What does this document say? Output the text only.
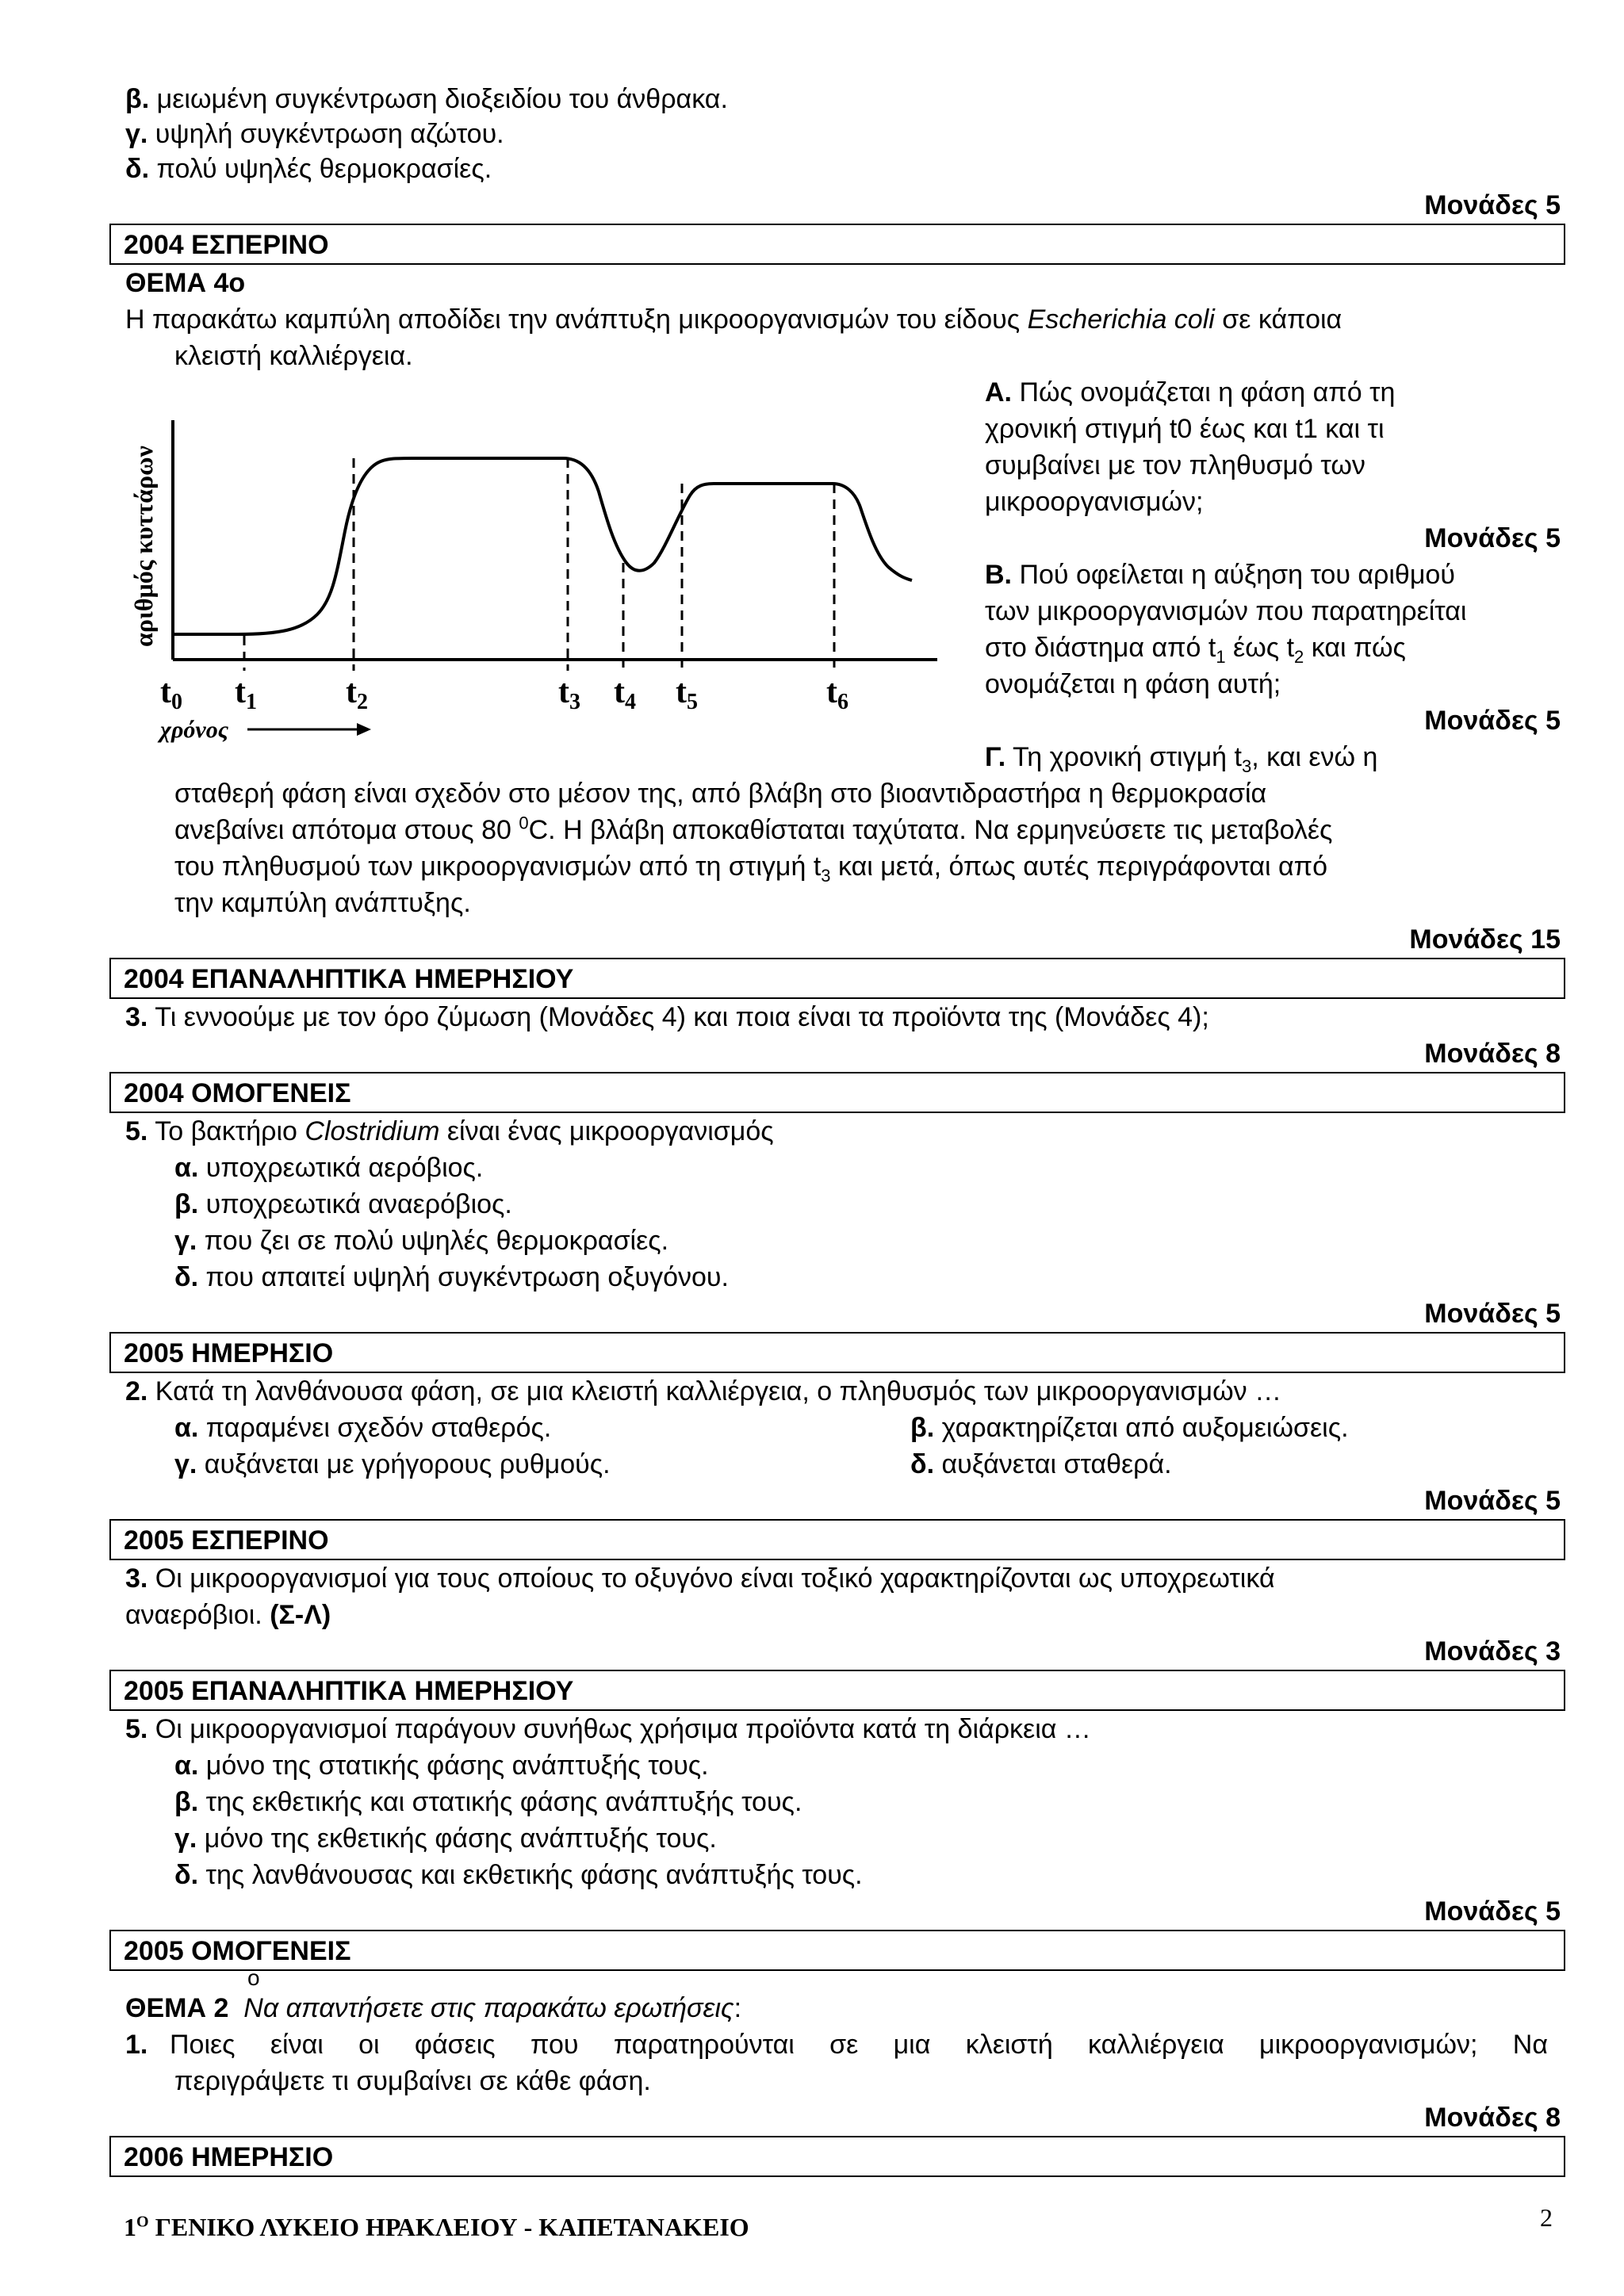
β. μειωμένη συγκέντρωση διοξειδίου του άνθρακα.
γ. υψηλή συγκέντρωση αζώτου.
δ. πολύ υψηλές θερμοκρασίες.
Μονάδες 5
2004 ΕΣΠΕΡΙΝΟ
ΘΕΜΑ 4ο
Η παρακάτω καμπύλη αποδίδει την ανάπτυξη μικροοργανισμών του είδους Escherichia coli σε κάποια
κλειστή καλλιέργεια.
αριθμός κυττάρων
t0 t1	t2	t3 t4 t5	t6
χρόνος
Α. Πώς ονομάζεται η φάση από τη
χρονική στιγμή t0 έως και t1 και τι
συμβαίνει με τον πληθυσμό των
μικροοργανισμών;
Μονάδες 5
Β. Πού οφείλεται η αύξηση του αριθμού
των μικροοργανισμών που παρατηρείται
στο διάστημα από $t_1$ έως $t_2$ και πώς
ονομάζεται η φάση αυτή;
Μονάδες 5
Γ. Τη χρονική στιγμή $t_3$, και ενώ η
σταθερή φάση είναι σχεδόν στο μέσον της, από βλάβη στο βιοαντιδραστήρα η θερμοκρασία
ανεβαίνει απότομα στους 80 $^0$C. Η βλάβη αποκαθίσταται ταχύτατα. Να ερμηνεύσετε τις μεταβολές
του πληθυσμού των μικροοργανισμών από τη στιγμή $t_3$ και μετά, όπως αυτές περιγράφονται από
την καμπύλη ανάπτυξης.
Μονάδες 15
2004 ΕΠΑΝΑΛΗΠΤΙΚΑ ΗΜΕΡΗΣΙΟΥ
3. Τι εννοούμε με τον όρο ζύμωση (Μονάδες 4) και ποια είναι τα προϊόντα της (Μονάδες 4);
Μονάδες 8
2004 ΟΜΟΓΕΝΕΙΣ
5. Το βακτήριο Clostridium είναι ένας μικροοργανισμός
α. υποχρεωτικά αερόβιος.
β. υποχρεωτικά αναερόβιος.
γ. που ζει σε πολύ υψηλές θερμοκρασίες.
δ. που απαιτεί υψηλή συγκέντρωση οξυγόνου.
Μονάδες 5
2005 ΗΜΕΡΗΣΙΟ
2. Κατά τη λανθάνουσα φάση, σε μια κλειστή καλλιέργεια, ο πληθυσμός των μικροοργανισμών …
α. παραμένει σχεδόν σταθερός.	β. χαρακτηρίζεται από αυξομειώσεις.
γ. αυξάνεται με γρήγορους ρυθμούς.	δ. αυξάνεται σταθερά.
Μονάδες 5
2005 ΕΣΠΕΡΙΝΟ
3. Οι μικροοργανισμοί για τους οποίους το οξυγόνο είναι τοξικό χαρακτηρίζονται ως υποχρεωτικά
αναερόβιοι. (Σ-Λ)
Μονάδες 3
2005 ΕΠΑΝΑΛΗΠΤΙΚΑ ΗΜΕΡΗΣΙΟΥ
5. Οι μικροοργανισμοί παράγουν συνήθως χρήσιμα προϊόντα κατά τη διάρκεια …
α. μόνο της στατικής φάσης ανάπτυξής τους.
β. της εκθετικής και στατικής φάσης ανάπτυξής τους.
γ. μόνο της εκθετικής φάσης ανάπτυξής τους.
δ. της λανθάνουσας και εκθετικής φάσης ανάπτυξής τους.
Μονάδες 5
2005 ΟΜΟΓΕΝΕΙΣ
ο
ΘΕΜΑ 2 Να απαντήσετε στις παρακάτω ερωτήσεις:
1. Ποιες είναι οι φάσεις που παρατηρούνται σε μια κλειστή καλλιέργεια μικροοργανισμών; Να
περιγράψετε τι συμβαίνει σε κάθε φάση.
Μονάδες 8
2006 ΗΜΕΡΗΣΙΟ
$1^O$ ΓΕΝΙΚΟ ΛΥΚΕΙΟ ΗΡΑΚΛΕΙΟΥ - ΚΑΠΕΤΑΝΑΚΕΙΟ	2
